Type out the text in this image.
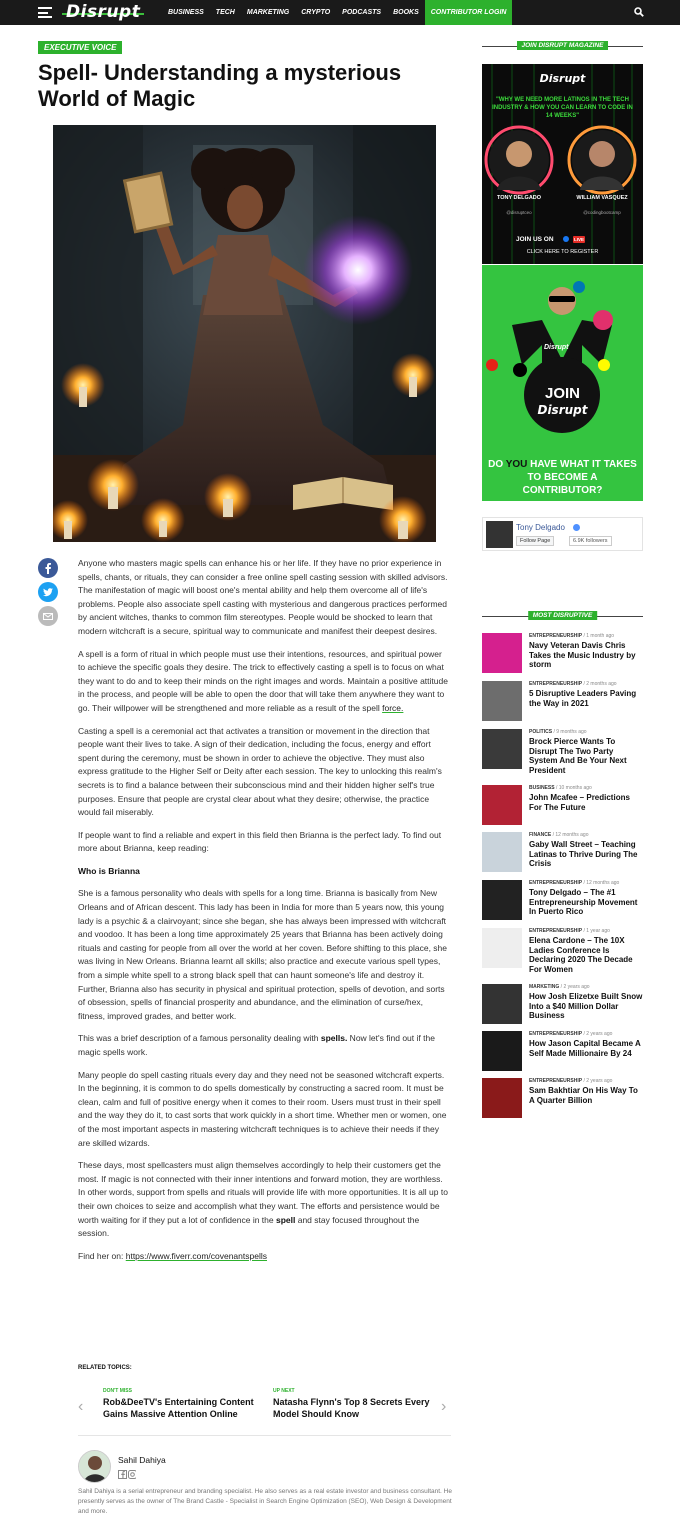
Disrupt	BUSINESS	TECH	MARKETING	CRYPTO	PODCASTS	BOOKS	CONTRIBUTOR LOGIN
EXECUTIVE VOICE
Spell- Understanding a mysterious World of Magic

Anyone who masters magic spells can enhance his or her life. If they have no prior experience in spells, chants, or rituals, they can consider a free online spell casting session with skilled advisors. The manifestation of magic will boost one's mental ability and help them overcome all of life's problems. People also associate spell casting with mysterious and dangerous practices performed by ancient witches, thanks to common film stereotypes. People would be shocked to learn that modern witchcraft is a secure, spiritual way to communicate and manifest their deepest desires.

A spell is a form of ritual in which people must use their intentions, resources, and spiritual power to achieve the specific goals they desire. The trick to effectively casting a spell is to focus on what they want to do and to keep their minds on the right images and words. Maintain a positive attitude in the process, and people will be able to open the door that will take them anywhere they want to go. Their willpower will be strengthened and more reliable as a result of the spell force.

Casting a spell is a ceremonial act that activates a transition or movement in the direction that people want their lives to take. A sign of their dedication, including the focus, energy and effort spent during the ceremony, must be shown in order to achieve the objective. They must also express gratitude to the Higher Self or Deity after each session. The key to unlocking this realm's secrets is to find a balance between their subconscious mind and their hidden higher self's true purposes. Ensure that people are crystal clear about what they desire; otherwise, the practice would fail miserably.

If people want to find a reliable and expert in this field then Brianna is the perfect lady. To find out more about Brianna, keep reading:

Who is Brianna

She is a famous personality who deals with spells for a long time. Brianna is basically from New Orleans and of African descent. This lady has been in India for more than 5 years now, this young lady is a psychic & a clairvoyant; since she began, she has always been impressed with witchcraft and voodoo. It has been a long time approximately 25 years that Brianna has been actively doing rituals and casting for people from all over the world at her coven. Before shifting to this place, she was living in New Orleans. Brianna learnt all skills; also practice and execute various spell types, from a simple white spell to a strong black spell that can haunt someone's life and destroy it. Further, Brianna also has security in physical and spiritual protection, spells of devotion, and sorts of obsession, spells of financial prosperity and abundance, and the elimination of curse/hex, fitness, improved grades, and better work.

This was a brief description of a famous personality dealing with spells. Now let's find out if the magic spells work.

Many people do spell casting rituals every day and they need not be seasoned witchcraft experts. In the beginning, it is common to do spells domestically by constructing a sacred room. It must be clean, calm and full of positive energy when it comes to their room. Users must trust in their spell and the way they do it, to cast sorts that work quickly in a short time. Whether men or women, one of the most important aspects in mastering witchcraft techniques is to achieve their needs if they are skilled wizards.

These days, most spellcasters must align themselves accordingly to help their customers get the most. If magic is not connected with their inner intentions and forward motion, they are worthless. In other words, support from spells and rituals will provide life with more opportunities. It is all up to their own choices to seize and accomplish what they want. The efforts and persistence would be worth waiting for if they put a lot of confidence in the spell and stay focused throughout the session.

Find her on: https://www.fiverr.com/covenantspells

RELATED TOPICS:
‹
DON'T MISS
Rob&DeeTV's Entertaining Content Gains Massive Attention Online
UP NEXT
Natasha Flynn's Top 8 Secrets Every Model Should Know	›
Sahil Dahiya
Sahil Dahiya is a serial entrepreneur and branding specialist. He also serves as a real estate investor and business consultant. He presently serves as the owner of The Brand Castle - Specialist in Search Engine Optimization (SEO), Web Design & Development and more.
JOIN DISRUPT MAGAZINE
Disrupt
"WHY WE NEED MORE LATINOS IN THE TECH INDUSTRY & HOW YOU CAN LEARN TO CODE IN 14 WEEKS"
TONY DELGADO
@disruptceo
WILLIAM VASQUEZ
@codingbootcamp
JOIN US ON	LIVE
CLICK HERE TO REGISTER
Disrupt
JOIN
Disrupt
DO YOU HAVE WHAT IT TAKES TO BECOME A CONTRIBUTOR?
Tony Delgado
Follow Page	6.9K followers
MOST DISRUPTIVE
ENTREPRENEURSHIP / 1 month ago
Navy Veteran Davis Chris Takes the Music Industry by storm
ENTREPRENEURSHIP / 2 months ago
5 Disruptive Leaders Paving the Way in 2021
POLITICS / 9 months ago
Brock Pierce Wants To Disrupt The Two Party System And Be Your Next President
BUSINESS / 10 months ago
John Mcafee – Predictions For The Future
FINANCE / 12 months ago
Gaby Wall Street – Teaching Latinas to Thrive During The Crisis
ENTREPRENEURSHIP / 12 months ago
Tony Delgado – The #1 Entrepreneurship Movement In Puerto Rico
ENTREPRENEURSHIP / 1 year ago
Elena Cardone – The 10X Ladies Conference Is Declaring 2020 The Decade For Women
MARKETING / 2 years ago
How Josh Elizetxe Built Snow Into a $40 Million Dollar Business
ENTREPRENEURSHIP / 2 years ago
How Jason Capital Became A Self Made Millionaire By 24
ENTREPRENEURSHIP / 2 years ago
Sam Bakhtiar On His Way To A Quarter Billion
